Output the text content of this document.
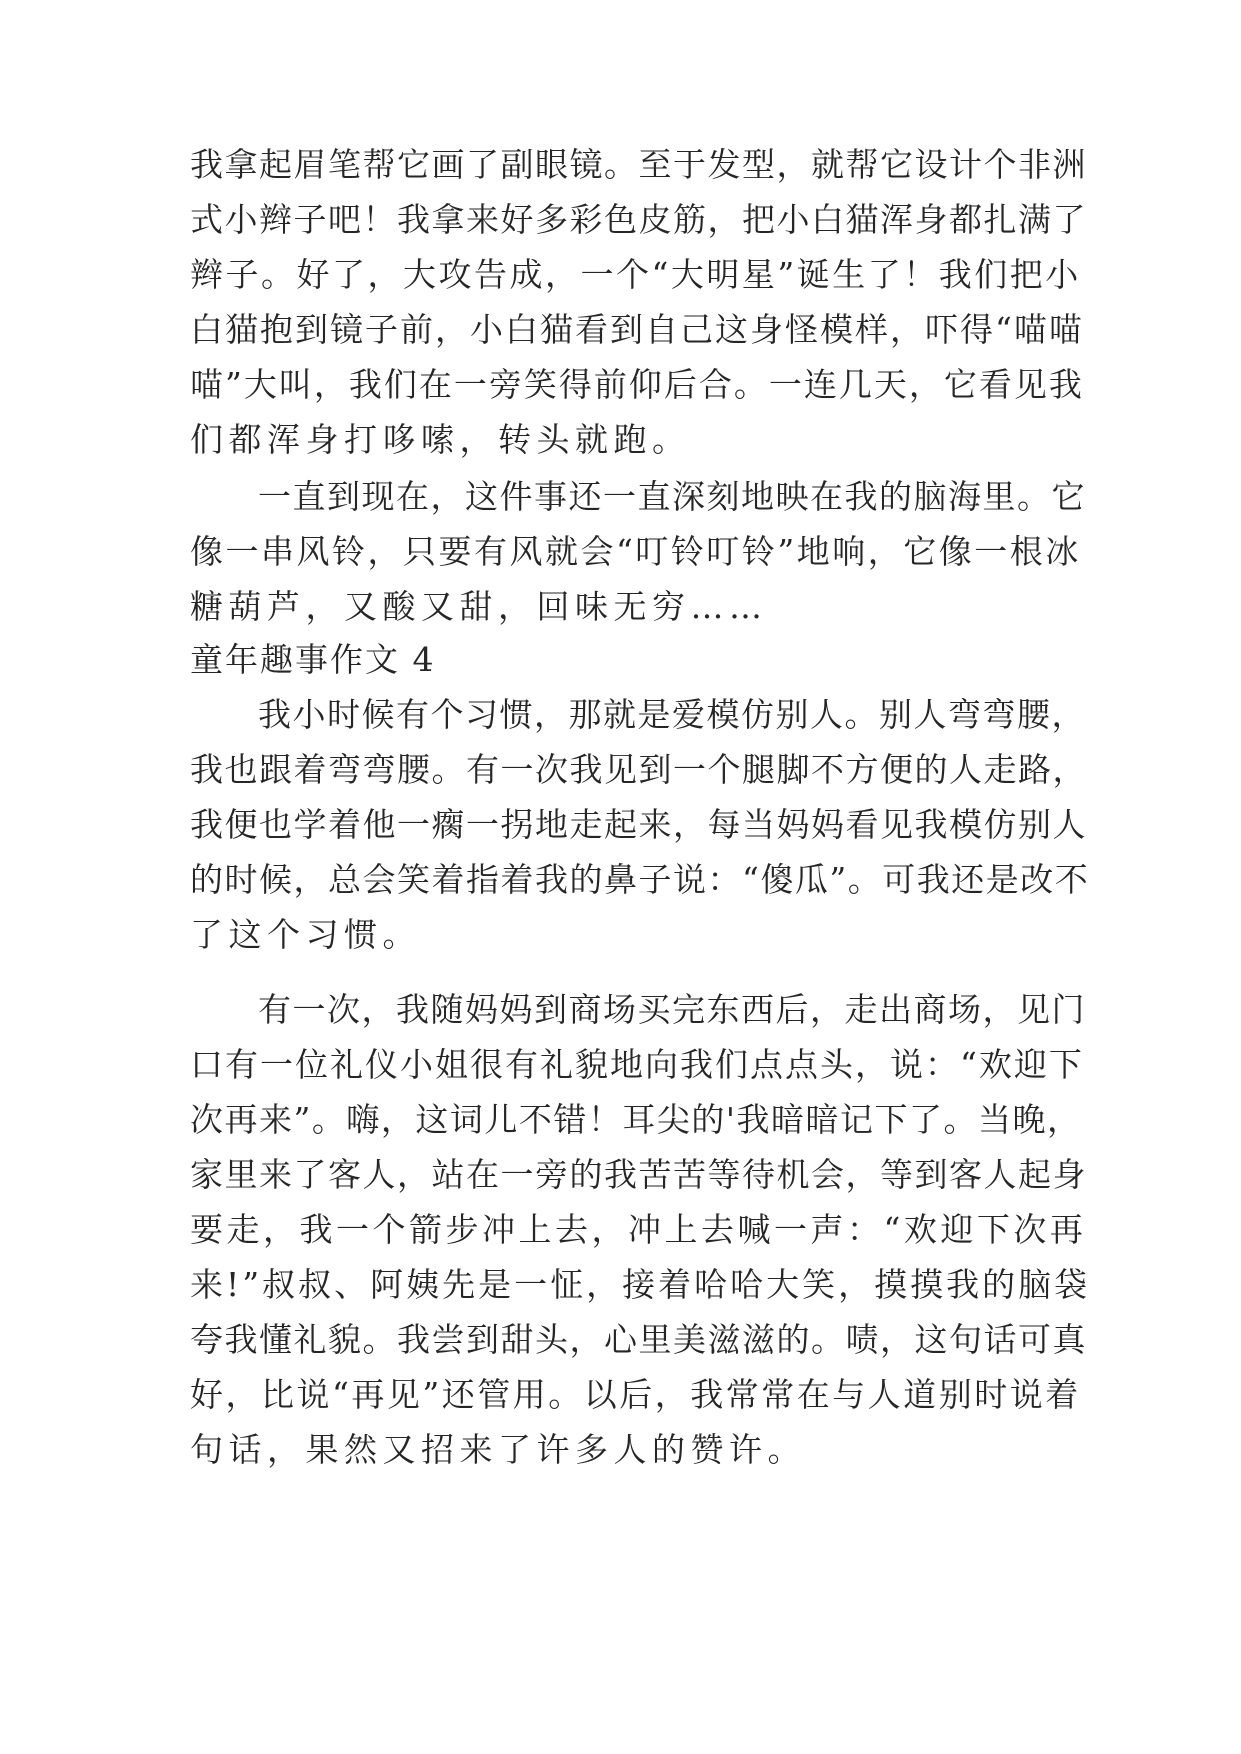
我拿起眉笔帮它画了副眼镜。至于发型，就帮它设计个非洲
式小辫子吧！我拿来好多彩色皮筋，把小白猫浑身都扎满了
辫子。好了，大攻告成，一个“大明星”诞生了！我们把小
白猫抱到镜子前，小白猫看到自己这身怪模样，吓得“喵喵
喵”大叫，我们在一旁笑得前仰后合。一连几天，它看见我
们都浑身打哆嗦，转头就跑。
一直到现在，这件事还一直深刻地映在我的脑海里。它
像一串风铃，只要有风就会“叮铃叮铃”地响，它像一根冰
糖葫芦，又酸又甜，回味无穷……
童年趣事作文 4
我小时候有个习惯，那就是爱模仿别人。别人弯弯腰，
我也跟着弯弯腰。有一次我见到一个腿脚不方便的人走路，
我便也学着他一瘸一拐地走起来，每当妈妈看见我模仿别人
的时候，总会笑着指着我的鼻子说：“傻瓜”。可我还是改不
了这个习惯。
有一次，我随妈妈到商场买完东西后，走出商场，见门
口有一位礼仪小姐很有礼貌地向我们点点头，说：“欢迎下
次再来”。嗨，这词儿不错！耳尖的'我暗暗记下了。当晚，
家里来了客人，站在一旁的我苦苦等待机会，等到客人起身
要走，我一个箭步冲上去，冲上去喊一声：“欢迎下次再
来!”叔叔、阿姨先是一怔，接着哈哈大笑，摸摸我的脑袋
夸我懂礼貌。我尝到甜头，心里美滋滋的。啧，这句话可真
好，比说“再见”还管用。以后，我常常在与人道别时说着
句话，果然又招来了许多人的赞许。
